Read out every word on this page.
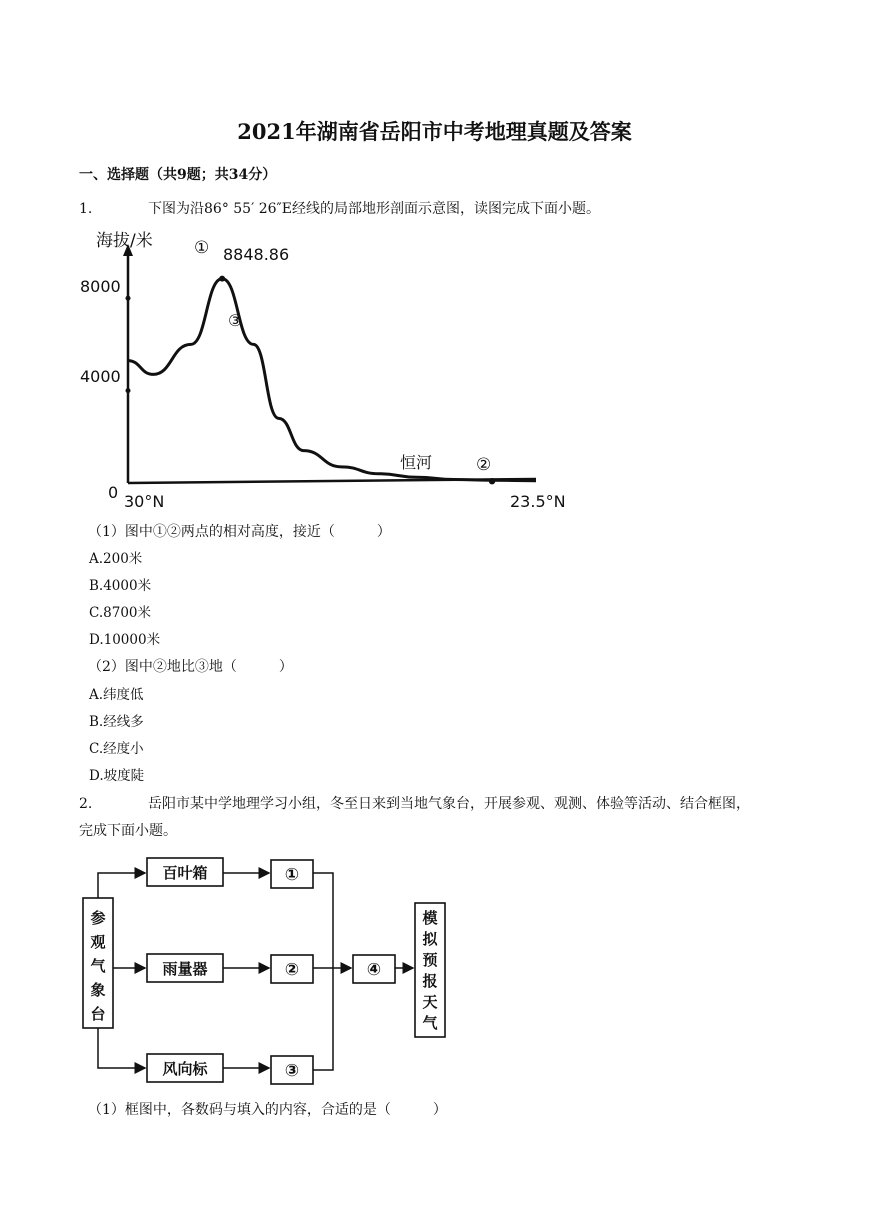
2021年湖南省岳阳市中考地理真题及答案
一、选择题（共9题；共34分）
1.	下图为沿86° 55′ 26″E经线的局部地形剖面示意图，读图完成下面小题。
海拔/米
8000
4000
0 30°N	23.5°N
① 8848.86
③
恒河	②
（1）图中①②两点的相对高度，接近（　　　）
A.200米
B.4000米
C.8700米
D.10000米
（2）图中②地比③地（　　　）
A.纬度低
B.经线多
C.经度小
D.坡度陡
2.	岳阳市某中学地理学习小组，冬至日来到当地气象台，开展参观、观测、体验等活动、结合框图，
完成下面小题。
参
观
气
象
台
百叶箱
雨量器
风向标
①
②
③
④
模
拟
预
报
天
气
（1）框图中，各数码与填入的内容，合适的是（　　　）
